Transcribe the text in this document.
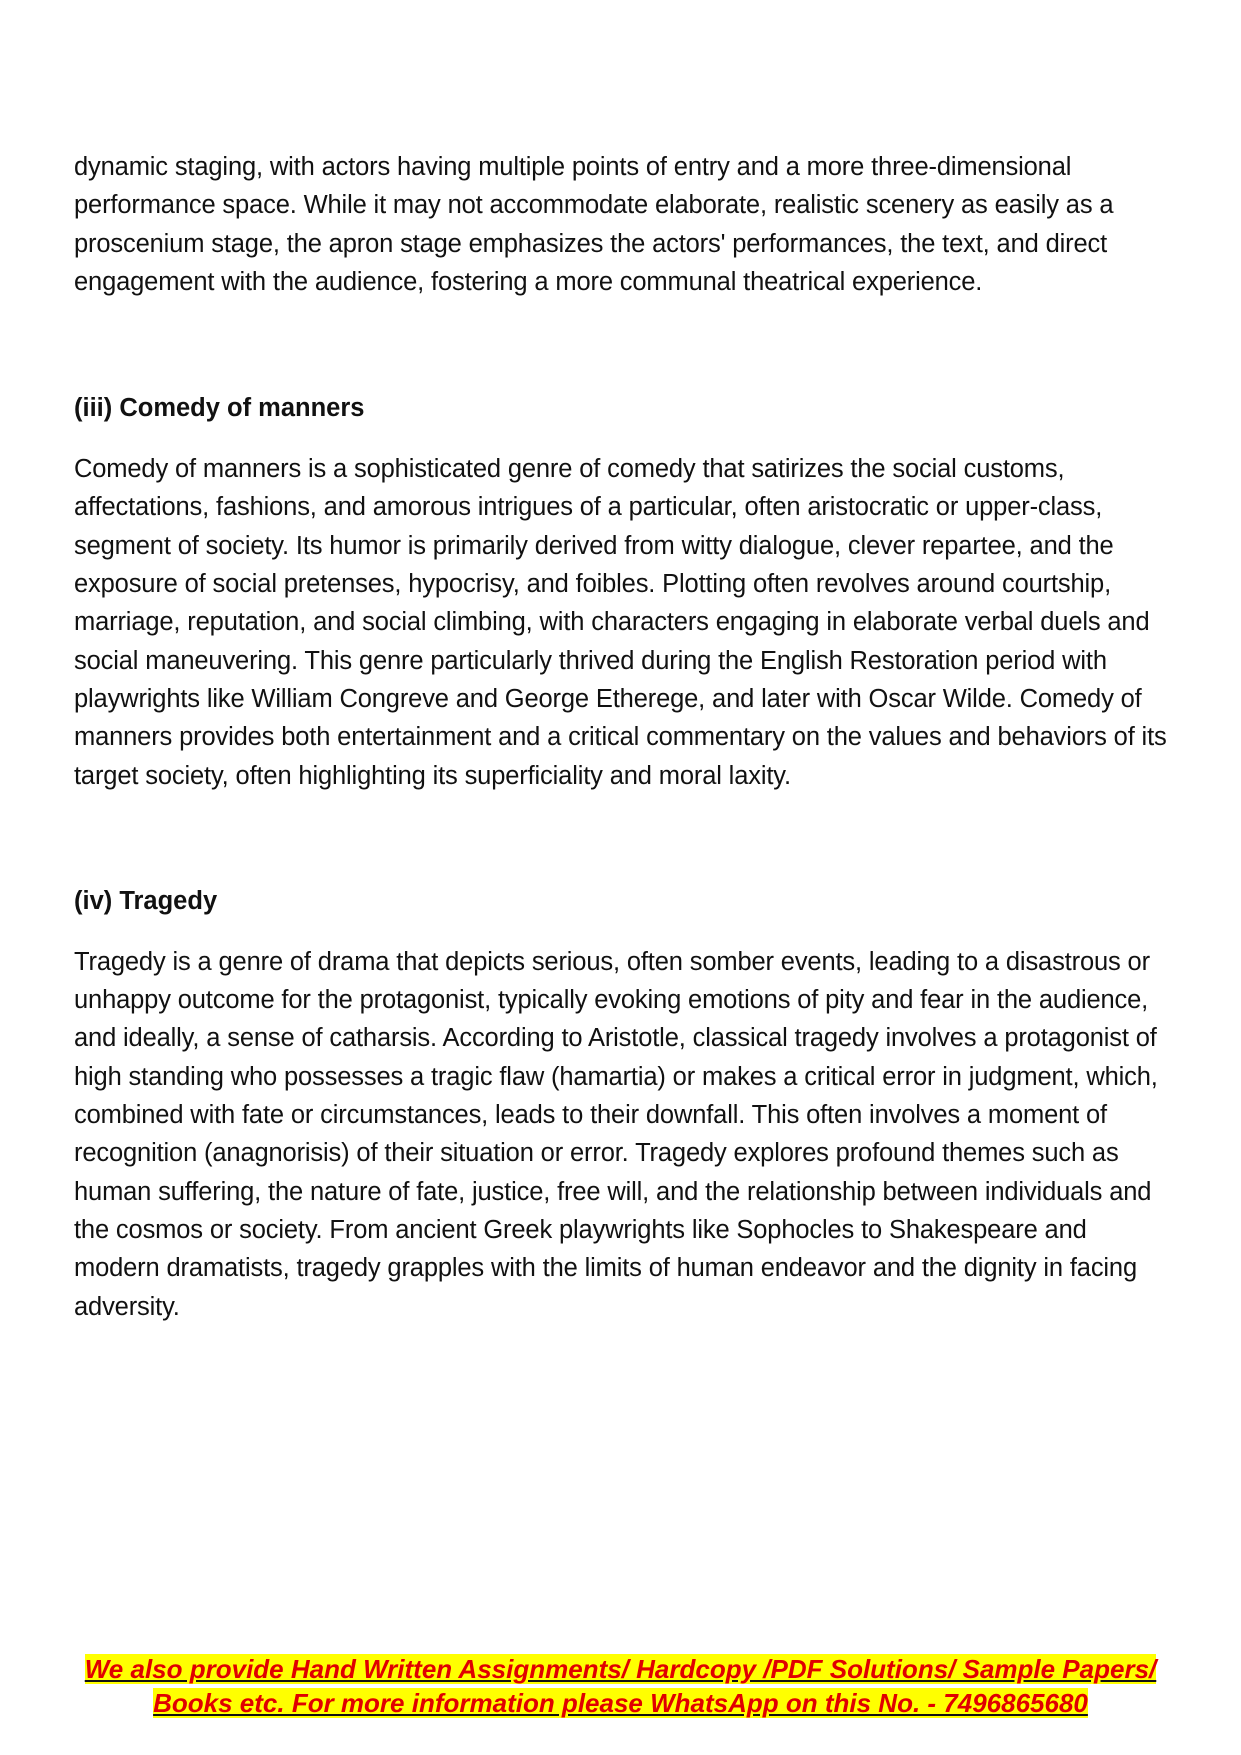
dynamic staging, with actors having multiple points of entry and a more three-dimensional performance space. While it may not accommodate elaborate, realistic scenery as easily as a proscenium stage, the apron stage emphasizes the actors' performances, the text, and direct engagement with the audience, fostering a more communal theatrical experience.

(iii) Comedy of manners

Comedy of manners is a sophisticated genre of comedy that satirizes the social customs, affectations, fashions, and amorous intrigues of a particular, often aristocratic or upper-class, segment of society. Its humor is primarily derived from witty dialogue, clever repartee, and the exposure of social pretenses, hypocrisy, and foibles. Plotting often revolves around courtship, marriage, reputation, and social climbing, with characters engaging in elaborate verbal duels and social maneuvering. This genre particularly thrived during the English Restoration period with playwrights like William Congreve and George Etherege, and later with Oscar Wilde. Comedy of manners provides both entertainment and a critical commentary on the values and behaviors of its target society, often highlighting its superficiality and moral laxity.

(iv) Tragedy

Tragedy is a genre of drama that depicts serious, often somber events, leading to a disastrous or unhappy outcome for the protagonist, typically evoking emotions of pity and fear in the audience, and ideally, a sense of catharsis. According to Aristotle, classical tragedy involves a protagonist of high standing who possesses a tragic flaw (hamartia) or makes a critical error in judgment, which, combined with fate or circumstances, leads to their downfall. This often involves a moment of recognition (anagnorisis) of their situation or error. Tragedy explores profound themes such as human suffering, the nature of fate, justice, free will, and the relationship between individuals and the cosmos or society. From ancient Greek playwrights like Sophocles to Shakespeare and modern dramatists, tragedy grapples with the limits of human endeavor and the dignity in facing adversity.

We also provide Hand Written Assignments/ Hardcopy /PDF Solutions/ Sample Papers/
Books etc. For more information please WhatsApp on this No. - 7496865680
